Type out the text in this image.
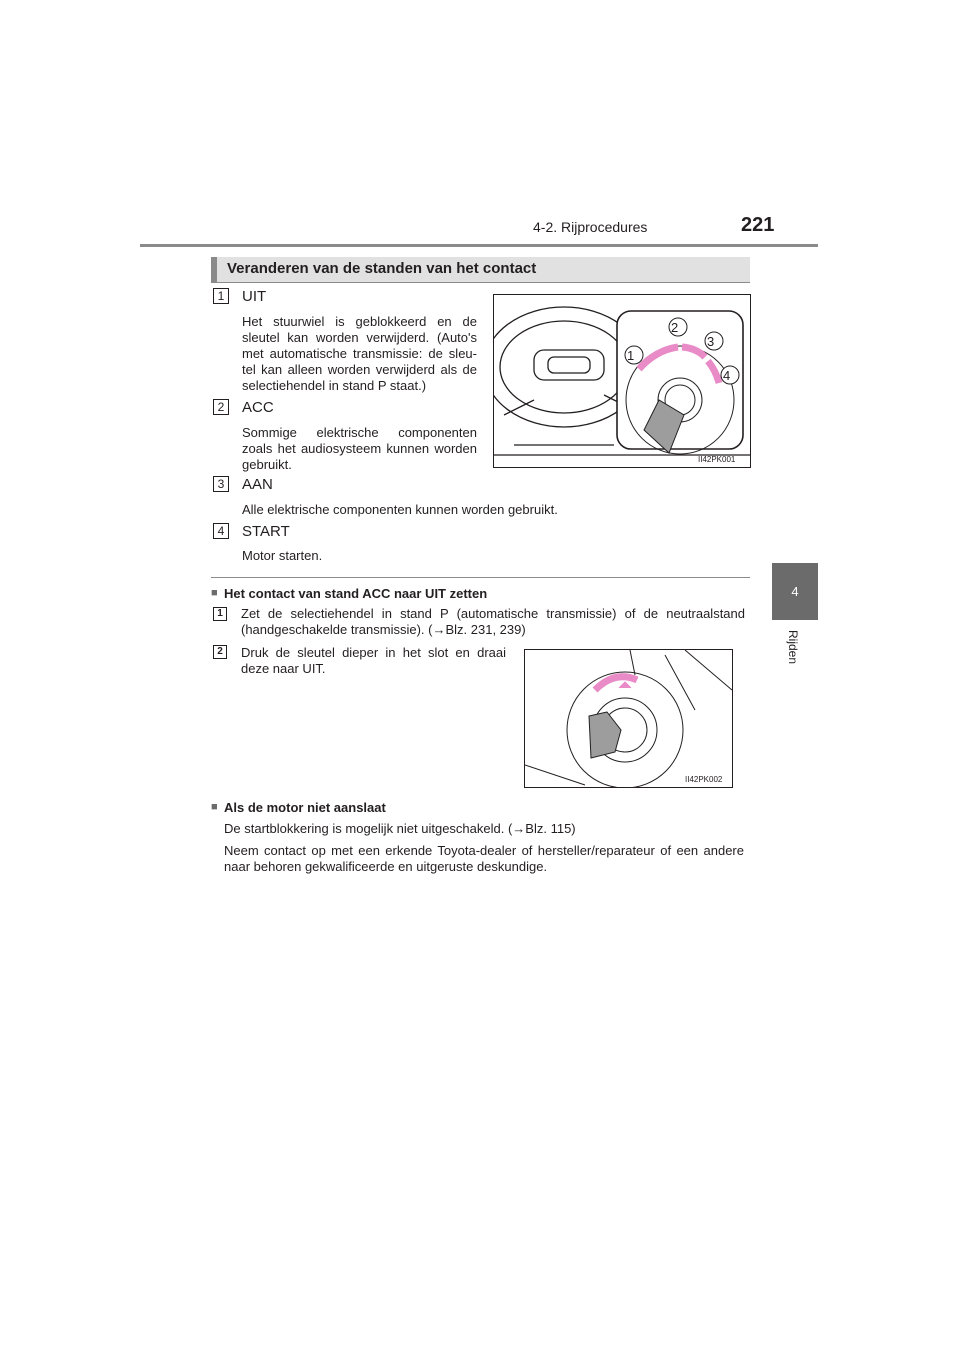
4-2. Rijprocedures	221
4
Rijden
Veranderen van de standen van het contact
1	UIT
Het stuurwiel is geblokkeerd en de sleutel kan worden verwijderd. (Auto's met automatische transmissie: de sleu-tel kan alleen worden verwijderd als de selectiehendel in stand P staat.)
2	ACC
Sommige elektrische componenten zoals het audiosysteem kunnen worden gebruikt.
3	AAN
Alle elektrische componenten kunnen worden gebruikt.
4	START
Motor starten.
1
2
3
4
II42PK001
■ Het contact van stand ACC naar UIT zetten
1	Zet de selectiehendel in stand P (automatische transmissie) of de neutraalstand (handgeschakelde transmissie). (→Blz. 231, 239)
2	Druk de sleutel dieper in het slot en draai deze naar UIT.
II42PK002
■ Als de motor niet aanslaat
De startblokkering is mogelijk niet uitgeschakeld. (→Blz. 115)
Neem contact op met een erkende Toyota-dealer of hersteller/reparateur of een andere naar behoren gekwalificeerde en uitgeruste deskundige.
